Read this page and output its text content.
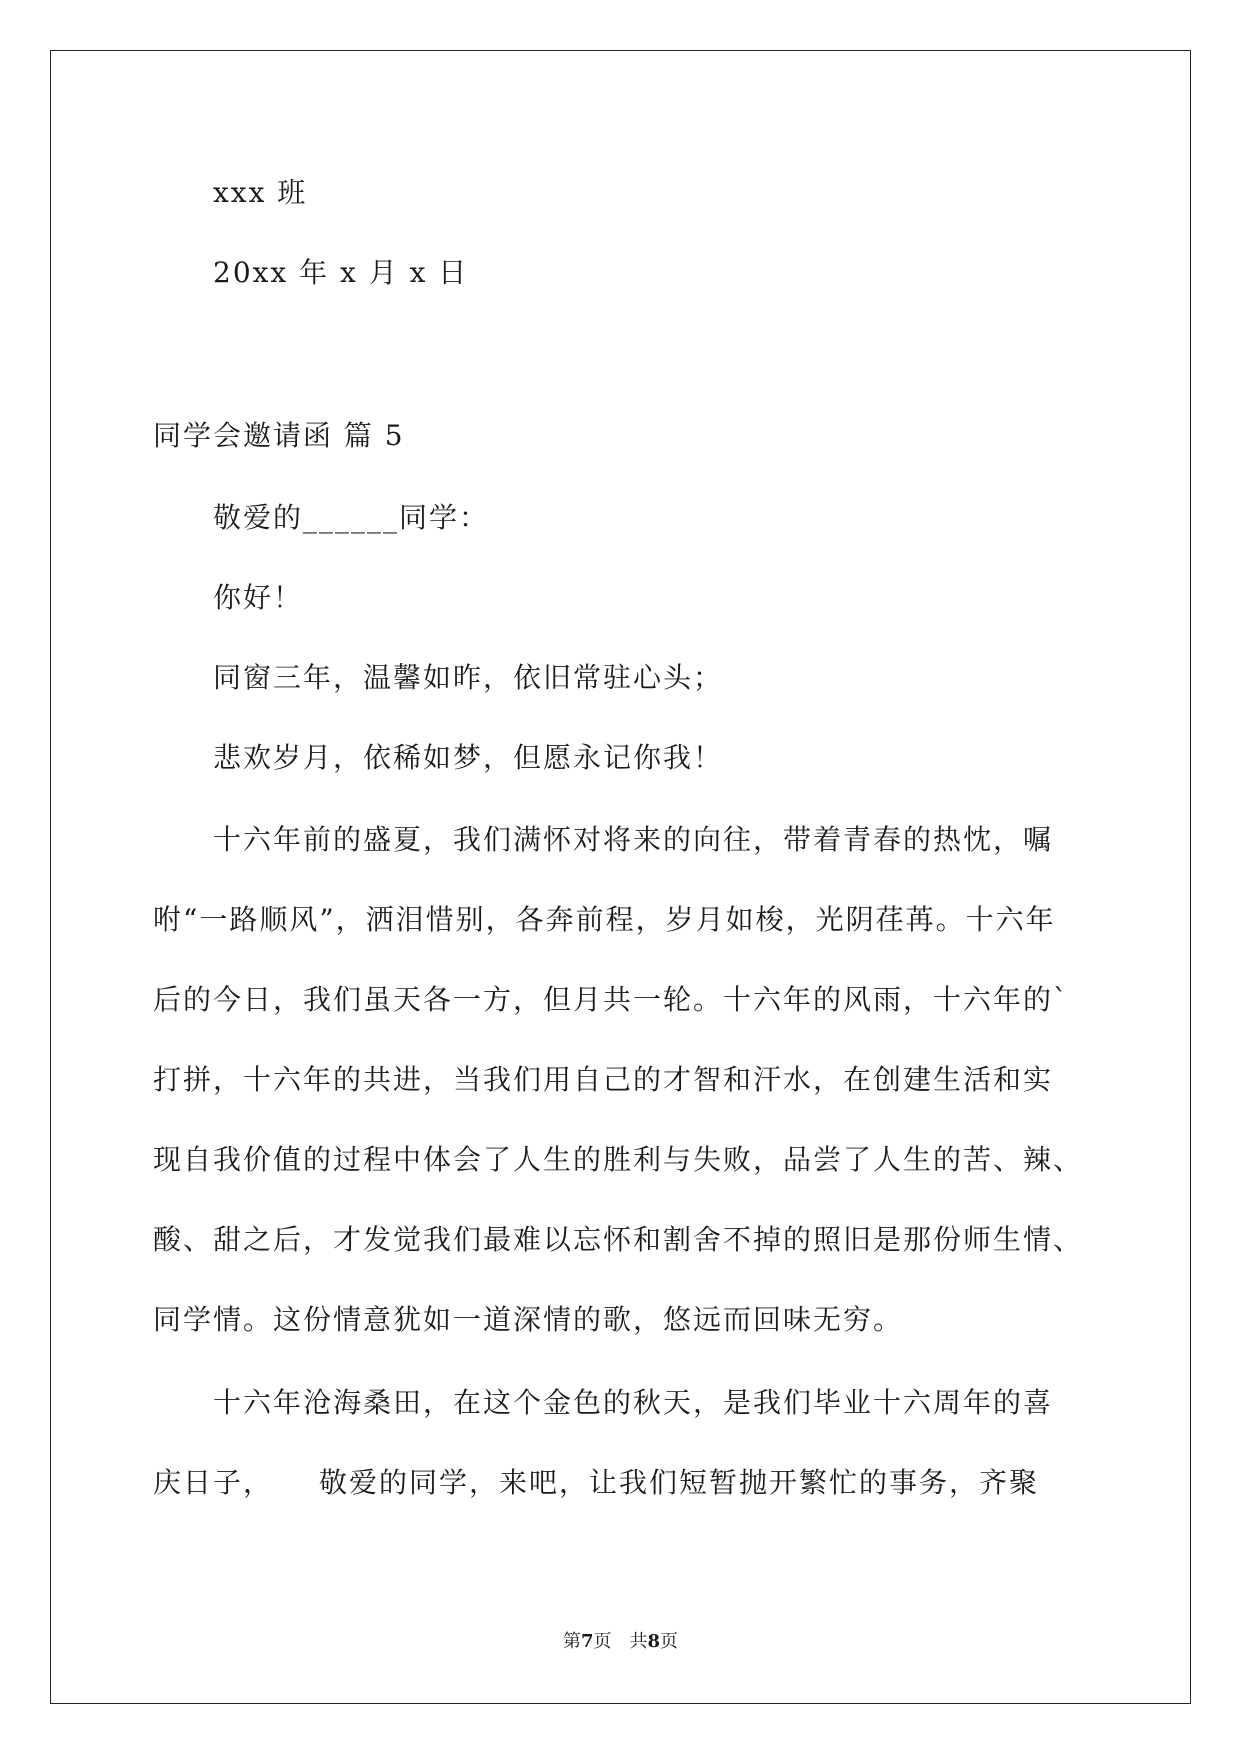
xxx 班
20xx 年 x 月 x 日
同学会邀请函 篇 5
敬爱的______同学：
你好！
同窗三年，温馨如昨，依旧常驻心头；
悲欢岁月，依稀如梦，但愿永记你我！
十六年前的盛夏，我们满怀对将来的向往，带着青春的热忱，嘱
咐“一路顺风”，洒泪惜别，各奔前程，岁月如梭，光阴荏苒。十六年
后的今日，我们虽天各一方，但月共一轮。十六年的风雨，十六年的`
打拼，十六年的共进，当我们用自己的才智和汗水，在创建生活和实
现自我价值的过程中体会了人生的胜利与失败，品尝了人生的苦、辣、
酸、甜之后，才发觉我们最难以忘怀和割舍不掉的照旧是那份师生情、
同学情。这份情意犹如一道深情的歌，悠远而回味无穷。
十六年沧海桑田，在这个金色的秋天，是我们毕业十六周年的喜
庆日子，　　敬爱的同学，来吧，让我们短暂抛开繁忙的事务，齐聚
第7页 共8页
